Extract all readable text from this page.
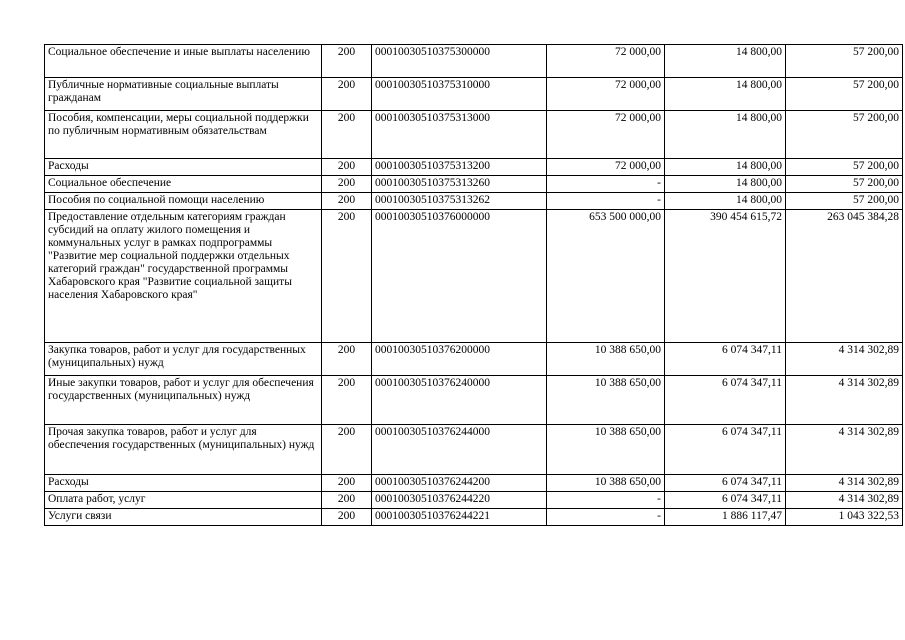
Социальное обеспечение и иные выплаты населению	200	00010030510375300000	72 000,00	14 800,00	57 200,00
Публичные нормативные социальные выплаты гражданам	200	00010030510375310000	72 000,00	14 800,00	57 200,00
Пособия, компенсации, меры социальной поддержки по публичным нормативным обязательствам	200	00010030510375313000	72 000,00	14 800,00	57 200,00
Расходы	200	00010030510375313200	72 000,00	14 800,00	57 200,00
Социальное обеспечение	200	00010030510375313260	-	14 800,00	57 200,00
Пособия по социальной помощи населению	200	00010030510375313262	-	14 800,00	57 200,00
Предоставление отдельным категориям граждан субсидий на оплату жилого помещения и коммунальных услуг в рамках подпрограммы "Развитие мер социальной поддержки отдельных категорий граждан" государственной программы Хабаровского края "Развитие социальной защиты населения Хабаровского края"	200	00010030510376000000	653 500 000,00	390 454 615,72	263 045 384,28
Закупка товаров, работ и услуг для государственных (муниципальных) нужд	200	00010030510376200000	10 388 650,00	6 074 347,11	4 314 302,89
Иные закупки товаров, работ и услуг для обеспечения государственных (муниципальных) нужд	200	00010030510376240000	10 388 650,00	6 074 347,11	4 314 302,89
Прочая закупка товаров, работ и услуг для обеспечения государственных (муниципальных) нужд	200	00010030510376244000	10 388 650,00	6 074 347,11	4 314 302,89
Расходы	200	00010030510376244200	10 388 650,00	6 074 347,11	4 314 302,89
Оплата работ, услуг	200	00010030510376244220	-	6 074 347,11	4 314 302,89
Услуги связи	200	00010030510376244221	-	1 886 117,47	1 043 322,53
